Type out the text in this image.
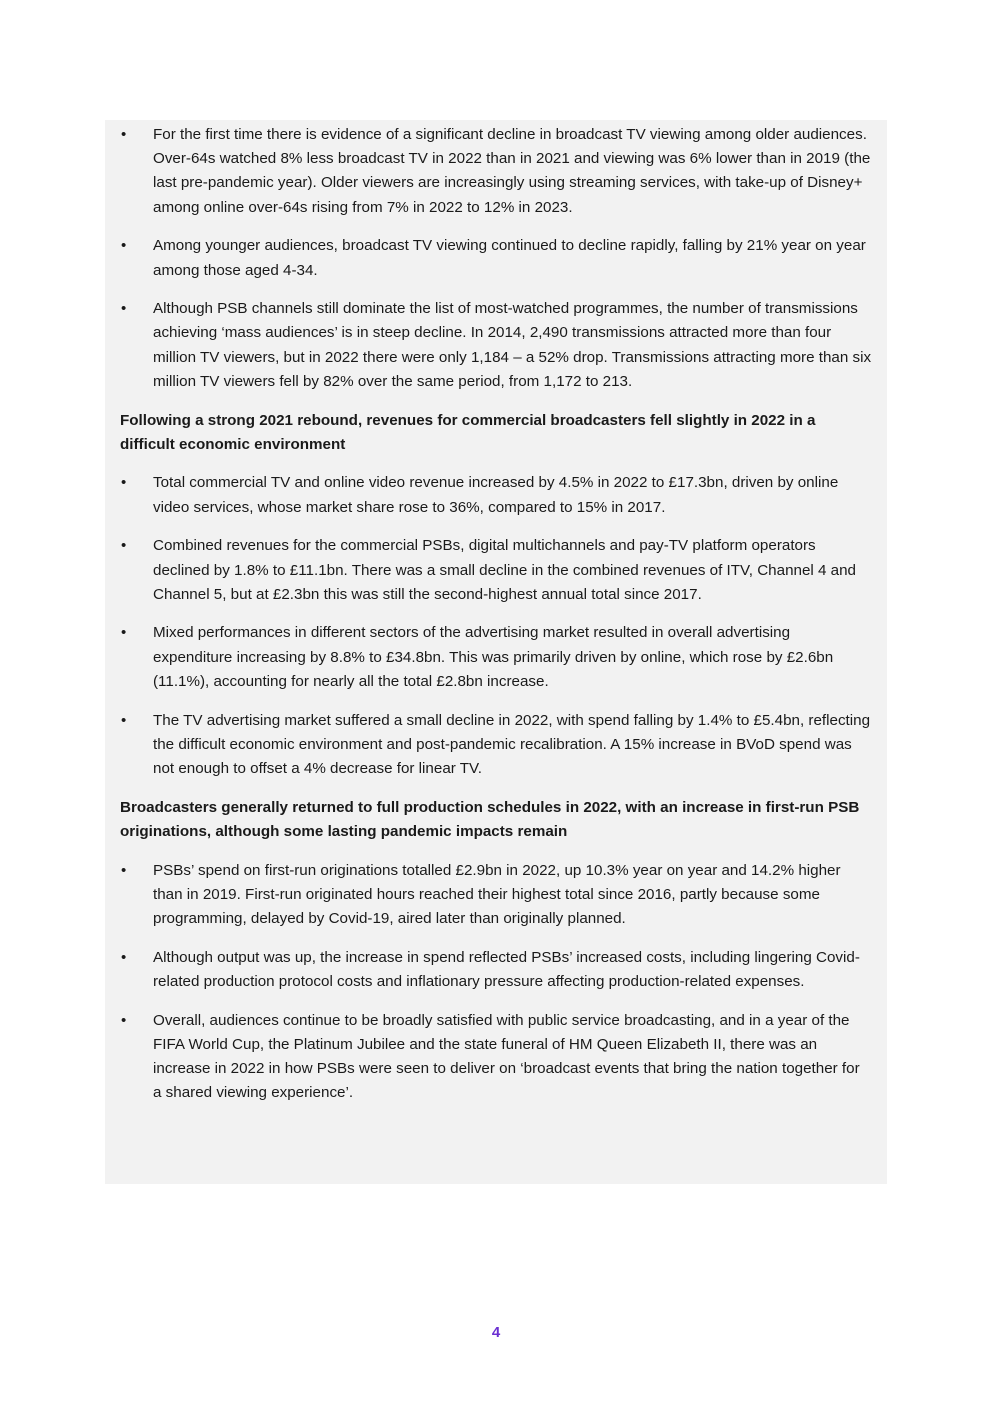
• For the first time there is evidence of a significant decline in broadcast TV viewing among older audiences. Over-64s watched 8% less broadcast TV in 2022 than in 2021 and viewing was 6% lower than in 2019 (the last pre-pandemic year). Older viewers are increasingly using streaming services, with take-up of Disney+ among online over-64s rising from 7% in 2022 to 12% in 2023.
• Among younger audiences, broadcast TV viewing continued to decline rapidly, falling by 21% year on year among those aged 4-34.
• Although PSB channels still dominate the list of most-watched programmes, the number of transmissions achieving ‘mass audiences’ is in steep decline. In 2014, 2,490 transmissions attracted more than four million TV viewers, but in 2022 there were only 1,184 – a 52% drop. Transmissions attracting more than six million TV viewers fell by 82% over the same period, from 1,172 to 213.

Following a strong 2021 rebound, revenues for commercial broadcasters fell slightly in 2022 in a difficult economic environment

• Total commercial TV and online video revenue increased by 4.5% in 2022 to £17.3bn, driven by online video services, whose market share rose to 36%, compared to 15% in 2017.
• Combined revenues for the commercial PSBs, digital multichannels and pay-TV platform operators declined by 1.8% to £11.1bn. There was a small decline in the combined revenues of ITV, Channel 4 and Channel 5, but at £2.3bn this was still the second-highest annual total since 2017.
• Mixed performances in different sectors of the advertising market resulted in overall advertising expenditure increasing by 8.8% to £34.8bn. This was primarily driven by online, which rose by £2.6bn (11.1%), accounting for nearly all the total £2.8bn increase.
• The TV advertising market suffered a small decline in 2022, with spend falling by 1.4% to £5.4bn, reflecting the difficult economic environment and post-pandemic recalibration. A 15% increase in BVoD spend was not enough to offset a 4% decrease for linear TV.

Broadcasters generally returned to full production schedules in 2022, with an increase in first-run PSB originations, although some lasting pandemic impacts remain

• PSBs’ spend on first-run originations totalled £2.9bn in 2022, up 10.3% year on year and 14.2% higher than in 2019. First-run originated hours reached their highest total since 2016, partly because some programming, delayed by Covid-19, aired later than originally planned.
• Although output was up, the increase in spend reflected PSBs’ increased costs, including lingering Covid-related production protocol costs and inflationary pressure affecting production-related expenses.
• Overall, audiences continue to be broadly satisfied with public service broadcasting, and in a year of the FIFA World Cup, the Platinum Jubilee and the state funeral of HM Queen Elizabeth II, there was an increase in 2022 in how PSBs were seen to deliver on ‘broadcast events that bring the nation together for a shared viewing experience’.
4
